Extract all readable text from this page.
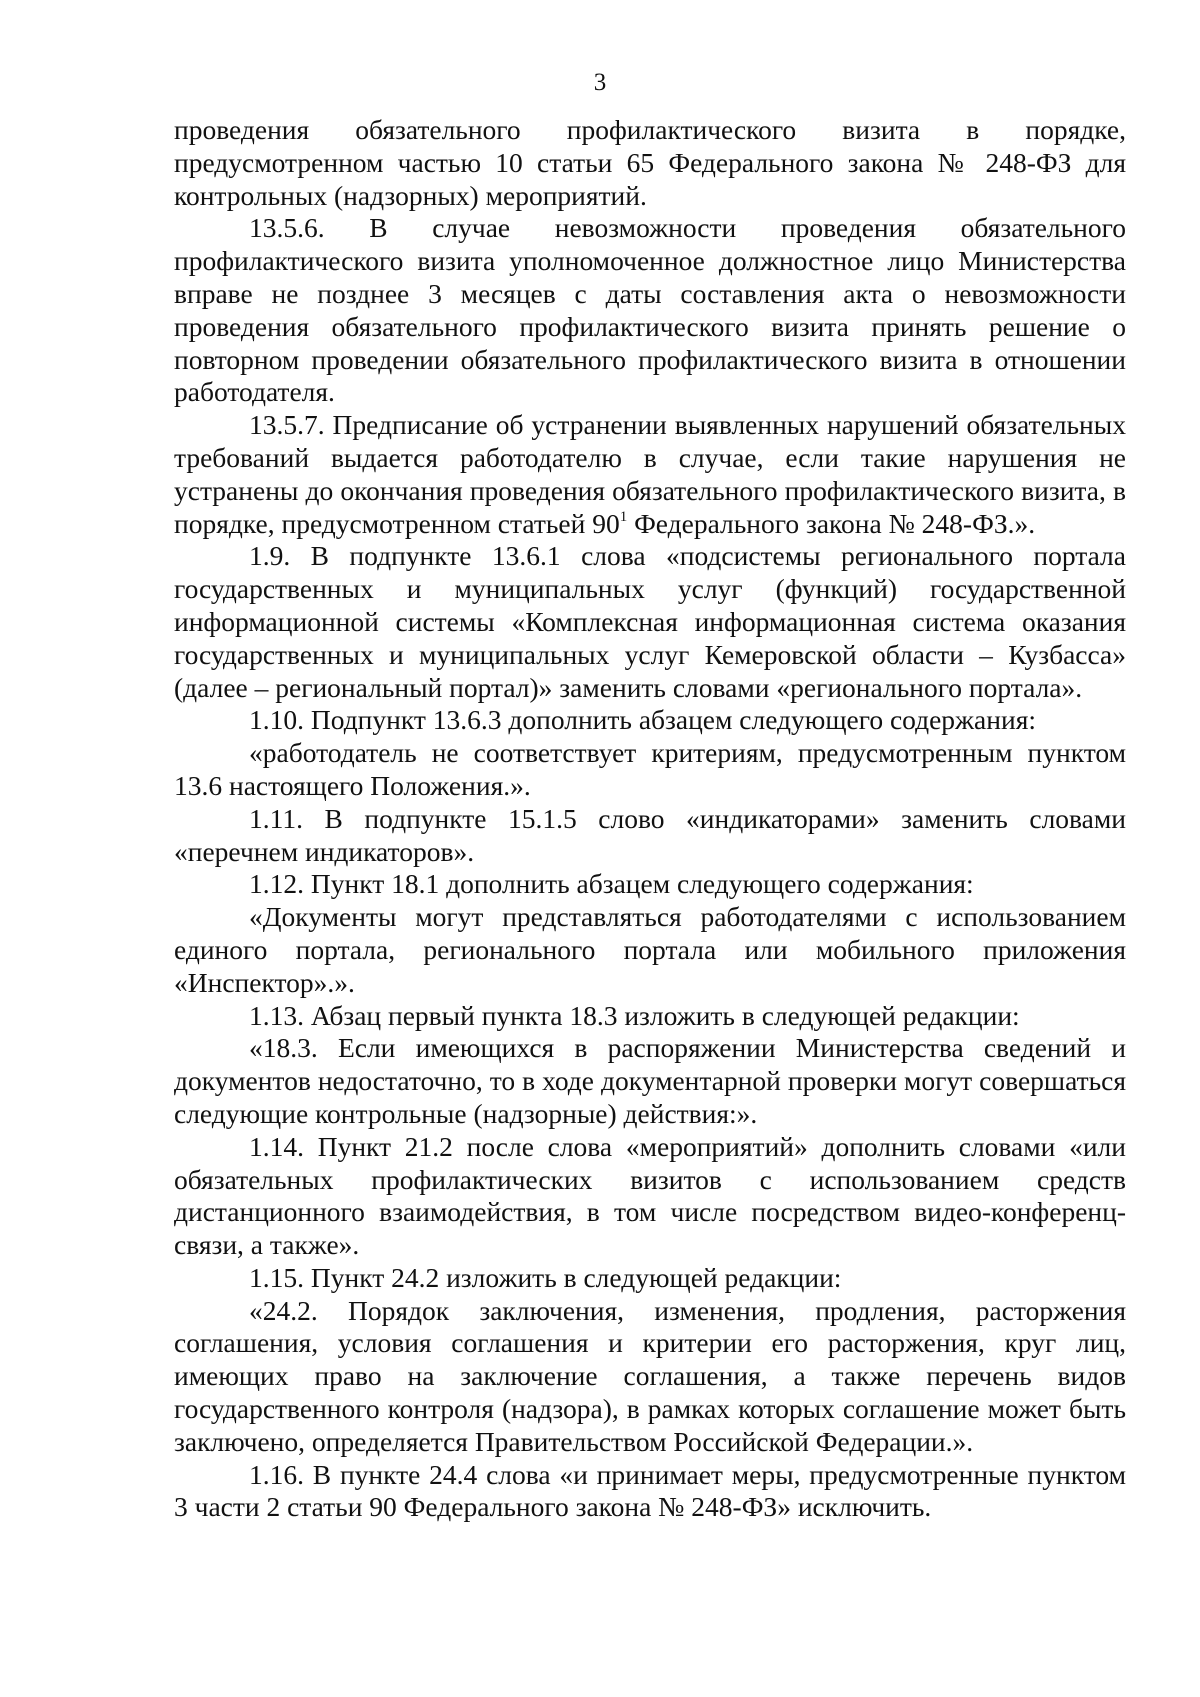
3

проведения обязательного профилактического визита в порядке, предусмотренном частью 10 статьи 65 Федерального закона № 248-ФЗ для контрольных (надзорных) мероприятий.

13.5.6. В случае невозможности проведения обязательного профилактического визита уполномоченное должностное лицо Министерства вправе не позднее 3 месяцев с даты составления акта о невозможности проведения обязательного профилактического визита принять решение о повторном проведении обязательного профилактического визита в отношении работодателя.

13.5.7. Предписание об устранении выявленных нарушений обязательных требований выдается работодателю в случае, если такие нарушения не устранены до окончания проведения обязательного профилактического визита, в порядке, предусмотренном статьей $90^1$ Федерального закона № 248-ФЗ.».

1.9. В подпункте 13.6.1 слова «подсистемы регионального портала государственных и муниципальных услуг (функций) государственной информационной системы «Комплексная информационная система оказания государственных и муниципальных услуг Кемеровской области – Кузбасса» (далее – региональный портал)» заменить словами «регионального портала».

1.10. Подпункт 13.6.3 дополнить абзацем следующего содержания:

«работодатель не соответствует критериям, предусмотренным пунктом 13.6 настоящего Положения.».

1.11. В подпункте 15.1.5 слово «индикаторами» заменить словами «перечнем индикаторов».

1.12. Пункт 18.1 дополнить абзацем следующего содержания:

«Документы могут представляться работодателями с использованием единого портала, регионального портала или мобильного приложения «Инспектор».».

1.13. Абзац первый пункта 18.3 изложить в следующей редакции:

«18.3. Если имеющихся в распоряжении Министерства сведений и документов недостаточно, то в ходе документарной проверки могут совершаться следующие контрольные (надзорные) действия:».

1.14. Пункт 21.2 после слова «мероприятий» дополнить словами «или обязательных профилактических визитов с использованием средств дистанционного взаимодействия, в том числе посредством видео-конференц-связи, а также».

1.15. Пункт 24.2 изложить в следующей редакции:

«24.2. Порядок заключения, изменения, продления, расторжения соглашения, условия соглашения и критерии его расторжения, круг лиц, имеющих право на заключение соглашения, а также перечень видов государственного контроля (надзора), в рамках которых соглашение может быть заключено, определяется Правительством Российской Федерации.».

1.16. В пункте 24.4 слова «и принимает меры, предусмотренные пунктом 3 части 2 статьи 90 Федерального закона № 248-ФЗ» исключить.
